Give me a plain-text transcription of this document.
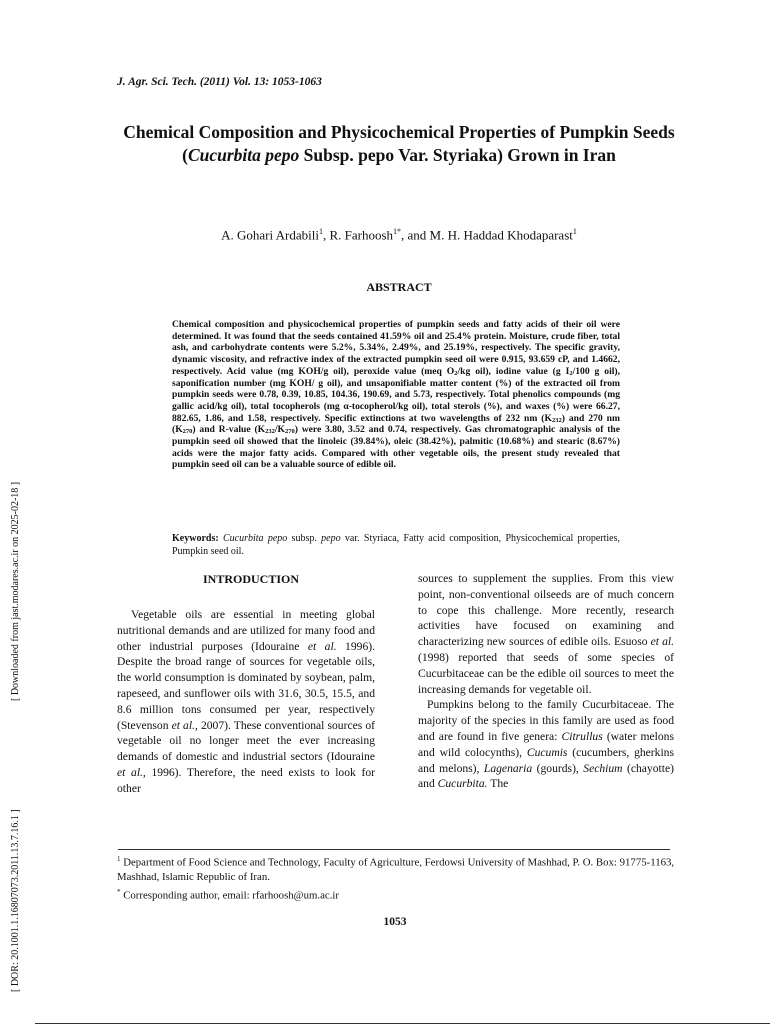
J. Agr. Sci. Tech. (2011) Vol. 13: 1053-1063
Chemical Composition and Physicochemical Properties of Pumpkin Seeds (Cucurbita pepo Subsp. pepo Var. Styriaka) Grown in Iran
A. Gohari Ardabili$^1$, R. Farhoosh$^{1*}$, and M. H. Haddad Khodaparast$^1$
ABSTRACT
Chemical composition and physicochemical properties of pumpkin seeds and fatty acids of their oil were determined. It was found that the seeds contained 41.59% oil and 25.4% protein. Moisture, crude fiber, total ash, and carbohydrate contents were 5.2%, 5.34%, 2.49%, and 25.19%, respectively. The specific gravity, dynamic viscosity, and refractive index of the extracted pumpkin seed oil were 0.915, 93.659 cP, and 1.4662, respectively. Acid value (mg KOH/g oil), peroxide value (meq $O_2/kg$ oil), iodine value (g $I_2/100$ g oil), saponification number (mg KOH/ g oil), and unsaponifiable matter content (%) of the extracted oil from pumpkin seeds were 0.78, 0.39, 10.85, 104.36, 190.69, and 5.73, respectively. Total phenolics compounds (mg gallic acid/kg oil), total tocopherols (mg α-tocopherol/kg oil), total sterols (%), and waxes (%) were 66.27, 882.65, 1.86, and 1.58, respectively. Specific extinctions at two wavelengths of 232 nm $(K_{232})$ and 270 nm $(K_{270})$ and R-value $(K_{232}/K_{270})$ were 3.80, 3.52 and 0.74, respectively. Gas chromatographic analysis of the pumpkin seed oil showed that the linoleic (39.84%), oleic (38.42%), palmitic (10.68%) and stearic (8.67%) acids were the major fatty acids. Compared with other vegetable oils, the present study revealed that pumpkin seed oil can be a valuable source of edible oil.
Keywords: Cucurbita pepo subsp. pepo var. Styriaca, Fatty acid composition, Physicochemical properties, Pumpkin seed oil.
INTRODUCTION

Vegetable oils are essential in meeting global nutritional demands and are utilized for many food and other industrial purposes (Idouraine et al. 1996). Despite the broad range of sources for vegetable oils, the world consumption is dominated by soybean, palm, rapeseed, and sunflower oils with 31.6, 30.5, 15.5, and 8.6 million tons consumed per year, respectively (Stevenson et al., 2007). These conventional sources of vegetable oil no longer meet the ever increasing demands of domestic and industrial sectors (Idouraine et al., 1996). Therefore, the need exists to look for other

sources to supplement the supplies. From this view point, non-conventional oilseeds are of much concern to cope this challenge. More recently, research activities have focused on examining and characterizing new sources of edible oils. Esuoso et al. (1998) reported that seeds of some species of Cucurbitaceae can be the edible oil sources to meet the increasing demands for vegetable oil.

Pumpkins belong to the family Cucurbitaceae. The majority of the species in this family are used as food and are found in five genera: Citrullus (water melons and wild colocynths), Cucumis (cucumbers, gherkins and melons), Lagenaria (gourds), Sechium (chayotte) and Cucurbita. The

$^1$ Department of Food Science and Technology, Faculty of Agriculture, Ferdowsi University of Mashhad, P. O. Box: 91775-1163, Mashhad, Islamic Republic of Iran.

* Corresponding author, email: rfarhoosh@um.ac.ir

1053
[ Downloaded from jast.modares.ac.ir on 2025-02-18 ]
[ DOR: 20.1001.1.16807073.2011.13.7.16.1 ]
